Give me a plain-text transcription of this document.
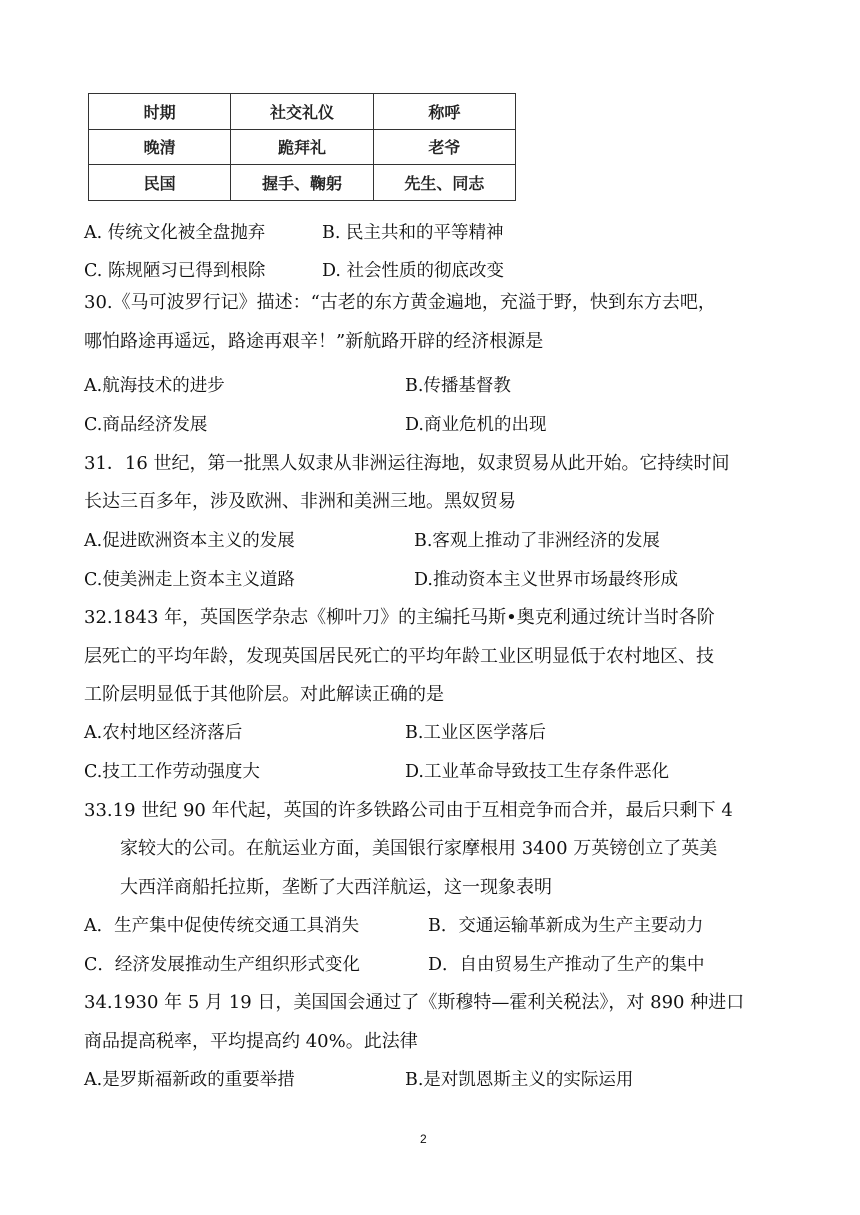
时期	社交礼仪	称呼
晚清	跪拜礼	老爷
民国	握手、鞠躬	先生、同志
A. 传统文化被全盘抛弃	B. 民主共和的平等精神
C. 陈规陋习已得到根除	D. 社会性质的彻底改变
30.《马可波罗行记》描述：“古老的东方黄金遍地，充溢于野，快到东方去吧，
哪怕路途再遥远，路途再艰辛！”新航路开辟的经济根源是
A.航海技术的进步	B.传播基督教
C.商品经济发展	D.商业危机的出现
31．16 世纪，第一批黑人奴隶从非洲运往海地，奴隶贸易从此开始。它持续时间
长达三百多年，涉及欧洲、非洲和美洲三地。黑奴贸易
A.促进欧洲资本主义的发展	B.客观上推动了非洲经济的发展
C.使美洲走上资本主义道路	D.推动资本主义世界市场最终形成
32.1843 年，英国医学杂志《柳叶刀》的主编托马斯•奥克利通过统计当时各阶
层死亡的平均年龄，发现英国居民死亡的平均年龄工业区明显低于农村地区、技
工阶层明显低于其他阶层。对此解读正确的是
A.农村地区经济落后	B.工业区医学落后
C.技工工作劳动强度大	D.工业革命导致技工生存条件恶化
33.19 世纪 90 年代起，英国的许多铁路公司由于互相竞争而合并，最后只剩下 4
家较大的公司。在航运业方面，美国银行家摩根用 3400 万英镑创立了英美
大西洋商船托拉斯，垄断了大西洋航运，这一现象表明
A．生产集中促使传统交通工具消失	B．交通运输革新成为生产主要动力
C．经济发展推动生产组织形式变化	D．自由贸易生产推动了生产的集中
34.1930 年 5 月 19 日，美国国会通过了《斯穆特—霍利关税法》，对 890 种进口
商品提高税率，平均提高约 40%。此法律
A.是罗斯福新政的重要举措	B.是对凯恩斯主义的实际运用
2
